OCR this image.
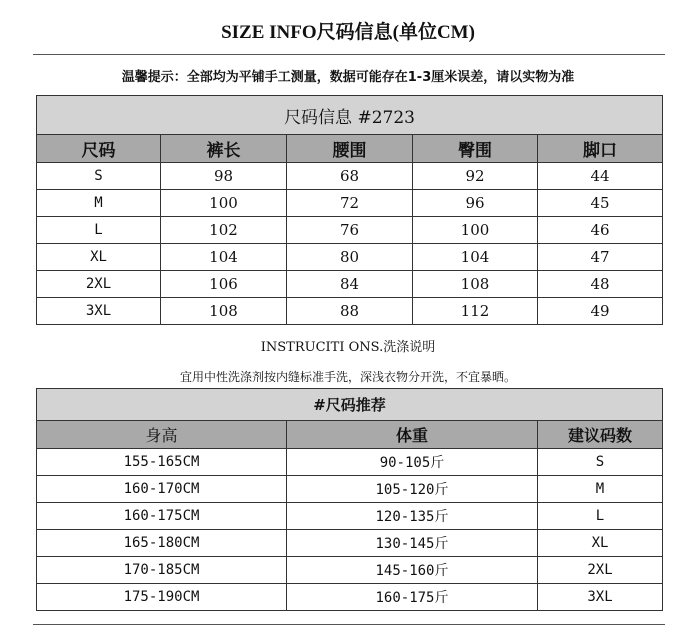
SIZE INFO尺码信息(单位CM)
温馨提示：全部均为平铺手工测量，数据可能存在1-3厘米误差，请以实物为准
尺码信息 #2723				
尺码	裤长	腰围	臀围	脚口
S	98	68	92	44
M	100	72	96	45
L	102	76	100	46
XL	104	80	104	47
2XL	106	84	108	48
3XL	108	88	112	49
INSTRUCITI ONS.洗涤说明
宜用中性洗涤剂按内缝标准手洗，深浅衣物分开洗，不宜暴晒。
#尺码推荐		
身高	体重	建议码数
155-165CM	90-105斤	S
160-170CM	105-120斤	M
160-175CM	120-135斤	L
165-180CM	130-145斤	XL
170-185CM	145-160斤	2XL
175-190CM	160-175斤	3XL
